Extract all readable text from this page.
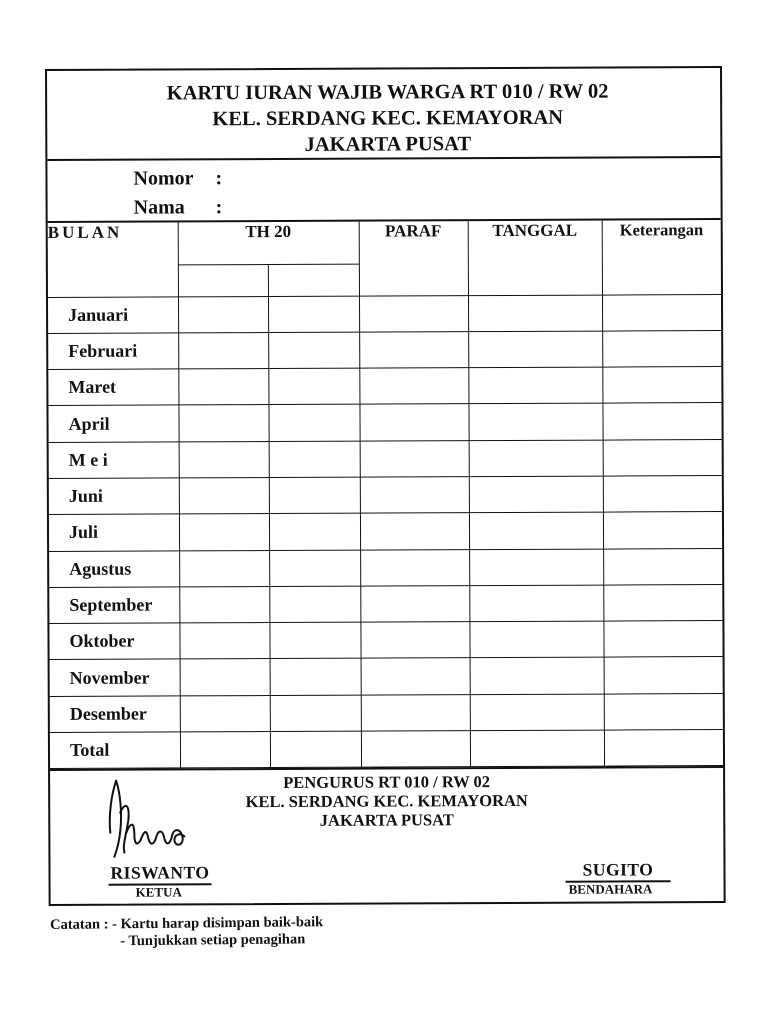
KARTU IURAN WAJIB WARGA RT 010 / RW 02
KEL. SERDANG KEC. KEMAYORAN
JAKARTA PUSAT
Nomor	:
Nama	:
BULAN	TH 20		PARAF	TANGGAL	Keterangan

Januari					
Februari					
Maret					
April					
M e i					
Juni					
Juli					
Agustus					
September					
Oktober					
November					
Desember					
Total					
PENGURUS RT 010 / RW 02
KEL. SERDANG KEC. KEMAYORAN
JAKARTA PUSAT
RISWANTO
KETUA
SUGITO
BENDAHARA
Catatan : - Kartu harap disimpan baik-baik
- Tunjukkan setiap penagihan
